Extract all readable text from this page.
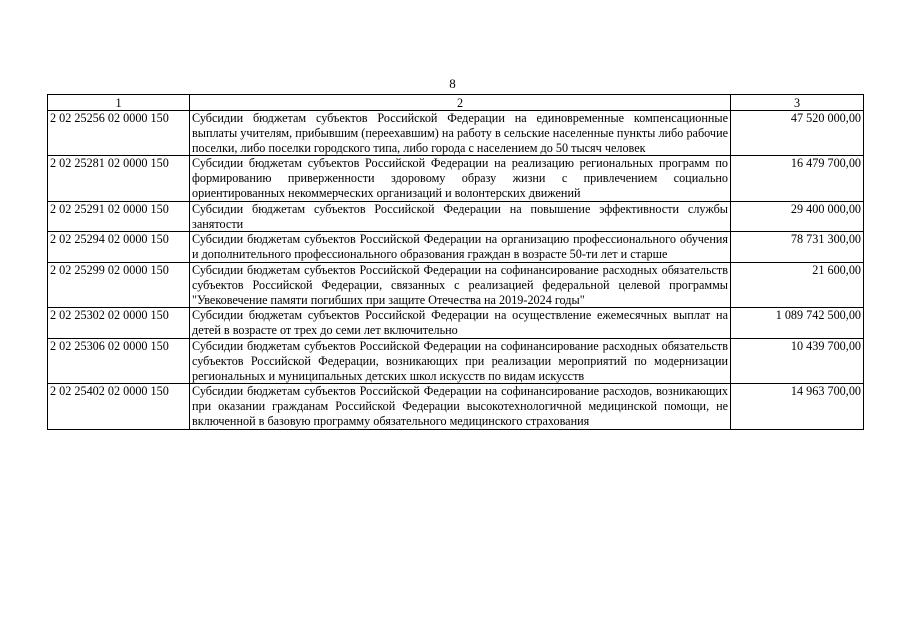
8
1	2	3
2 02 25256 02 0000 150	Субсидии бюджетам субъектов Российской Федерации на единовременные компенсационные выплаты учителям, прибывшим (переехавшим) на работу в сельские населенные пункты либо рабочие поселки, либо поселки городского типа, либо города с населением до 50 тысяч человек	47 520 000,00
2 02 25281 02 0000 150	Субсидии бюджетам субъектов Российской Федерации на реализацию региональных программ по формированию приверженности здоровому образу жизни с привлечением социально ориентированных некоммерческих организаций и волонтерских движений	16 479 700,00
2 02 25291 02 0000 150	Субсидии бюджетам субъектов Российской Федерации на повышение эффективности службы занятости	29 400 000,00
2 02 25294 02 0000 150	Субсидии бюджетам субъектов Российской Федерации на организацию профессионального обучения и дополнительного профессионального образования граждан в возрасте 50-ти лет и старше	78 731 300,00
2 02 25299 02 0000 150	Субсидии бюджетам субъектов Российской Федерации на софинансирование расходных обязательств субъектов Российской Федерации, связанных с реализацией федеральной целевой программы "Увековечение памяти погибших при защите Отечества на 2019-2024 годы"	21 600,00
2 02 25302 02 0000 150	Субсидии бюджетам субъектов Российской Федерации на осуществление ежемесячных выплат на детей в возрасте от трех до семи лет включительно	1 089 742 500,00
2 02 25306 02 0000 150	Субсидии бюджетам субъектов Российской Федерации на софинансирование расходных обязательств субъектов Российской Федерации, возникающих при реализации мероприятий по модернизации региональных и муниципальных детских школ искусств по видам искусств	10 439 700,00
2 02 25402 02 0000 150	Субсидии бюджетам субъектов Российской Федерации на софинансирование расходов, возникающих при оказании гражданам Российской Федерации высокотехнологичной медицинской помощи, не включенной в базовую программу обязательного медицинского страхования	14 963 700,00
